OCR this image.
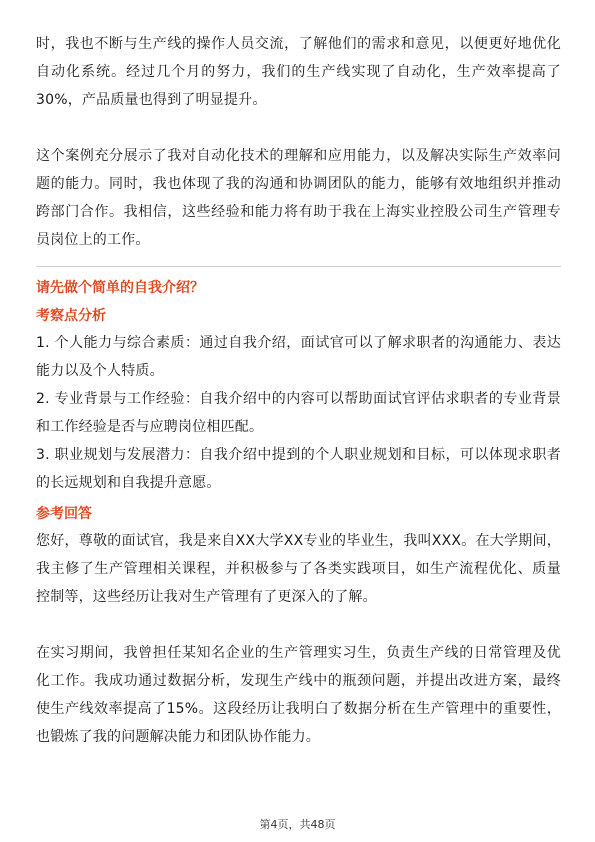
时，我也不断与生产线的操作人员交流，了解他们的需求和意见，以便更好地优化自动化系统。经过几个月的努力，我们的生产线实现了自动化，生产效率提高了30%，产品质量也得到了明显提升。

这个案例充分展示了我对自动化技术的理解和应用能力，以及解决实际生产效率问题的能力。同时，我也体现了我的沟通和协调团队的能力，能够有效地组织并推动跨部门合作。我相信，这些经验和能力将有助于我在上海实业控股公司生产管理专员岗位上的工作。

请先做个简单的自我介绍？

考察点分析

1. 个人能力与综合素质：通过自我介绍，面试官可以了解求职者的沟通能力、表达能力以及个人特质。

2. 专业背景与工作经验：自我介绍中的内容可以帮助面试官评估求职者的专业背景和工作经验是否与应聘岗位相匹配。

3. 职业规划与发展潜力：自我介绍中提到的个人职业规划和目标，可以体现求职者的长远规划和自我提升意愿。

参考回答

您好，尊敬的面试官，我是来自XX大学XX专业的毕业生，我叫XXX。在大学期间，我主修了生产管理相关课程，并积极参与了各类实践项目，如生产流程优化、质量控制等，这些经历让我对生产管理有了更深入的了解。

在实习期间，我曾担任某知名企业的生产管理实习生，负责生产线的日常管理及优化工作。我成功通过数据分析，发现生产线中的瓶颈问题，并提出改进方案，最终使生产线效率提高了15%。这段经历让我明白了数据分析在生产管理中的重要性，也锻炼了我的问题解决能力和团队协作能力。

第4页，共48页
